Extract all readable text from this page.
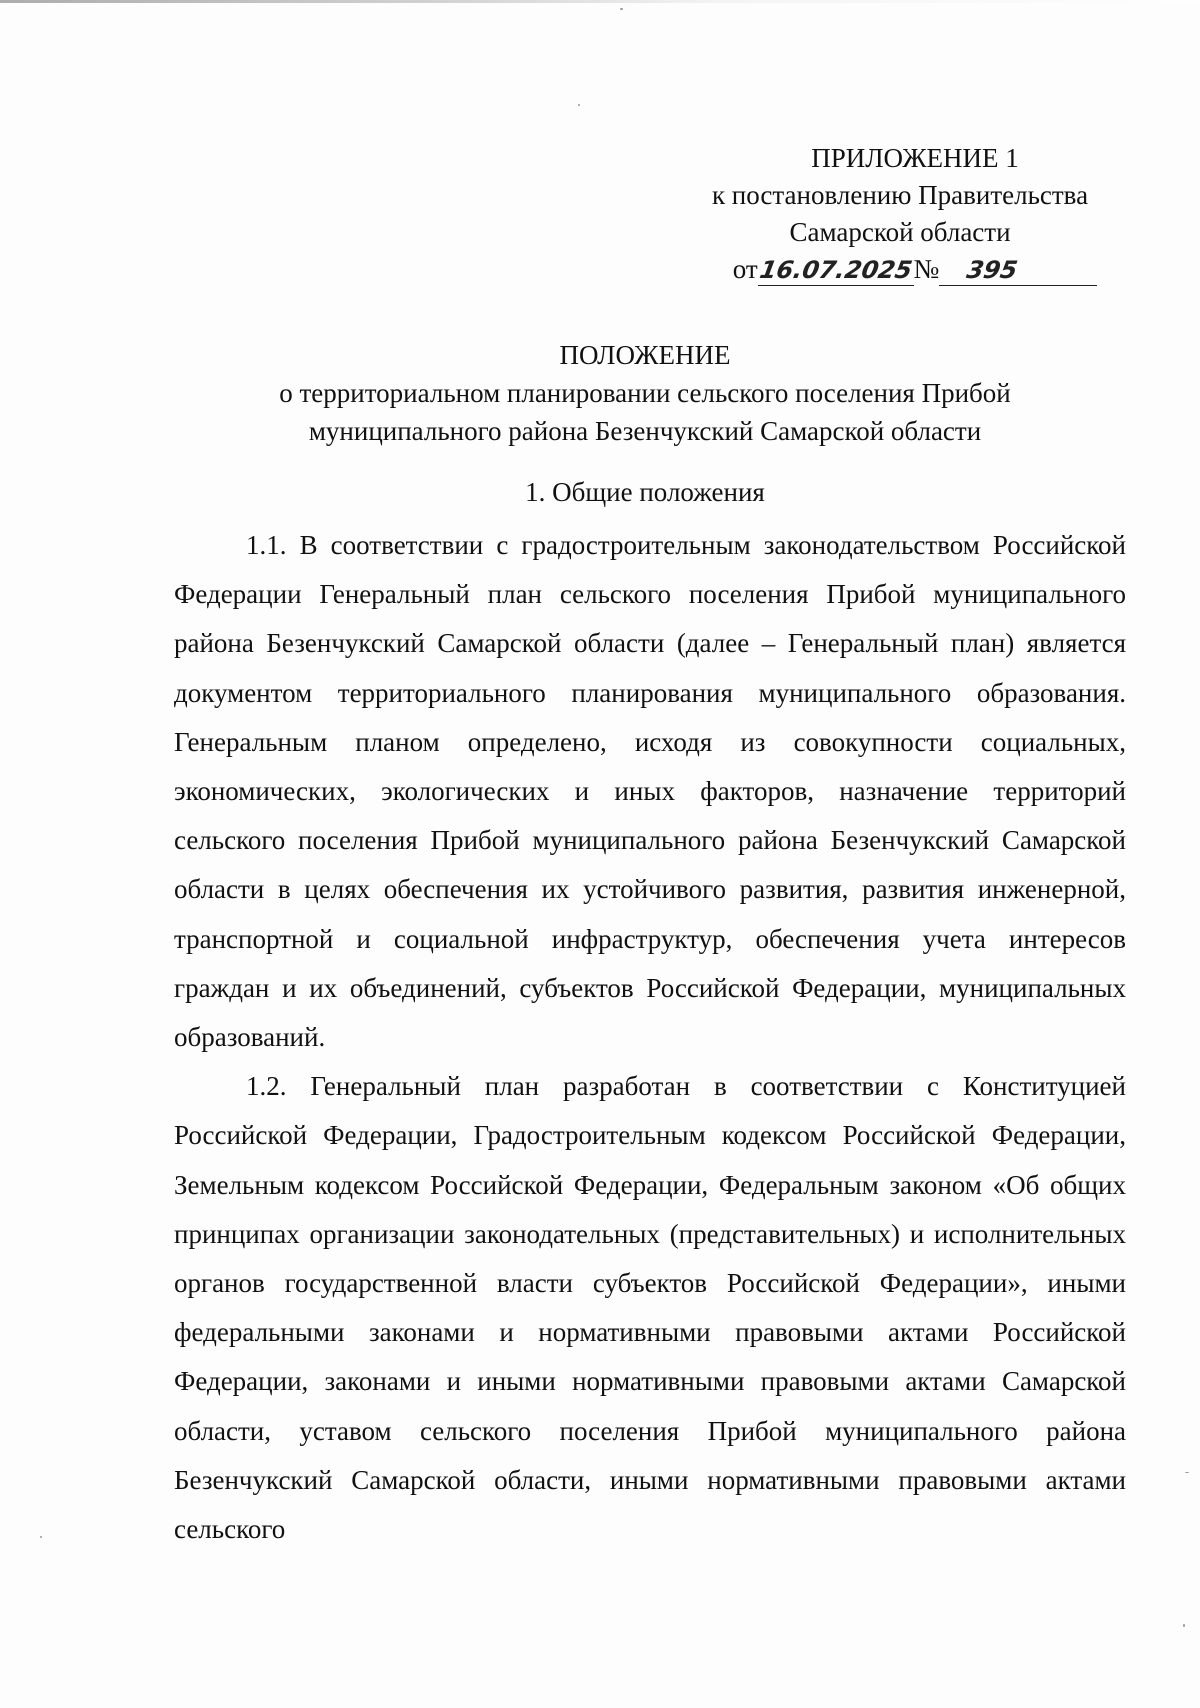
ПРИЛОЖЕНИЕ 1
к постановлению Правительства
Самарской области
от16.07.2025№ 395
ПОЛОЖЕНИЕ
о территориальном планировании сельского поселения Прибой
муниципального района Безенчукский Самарской области
1. Общие положения

1.1. В соответствии с градостроительным законодательством Российской Федерации Генеральный план сельского поселения Прибой муниципального района Безенчукский Самарской области (далее – Генеральный план) является документом территориального планирования муниципального образования. Генеральным планом определено, исходя из совокупности социальных, экономических, экологических и иных факторов, назначение территорий сельского поселения Прибой муниципального района Безенчукский Самарской области в целях обеспечения их устойчивого развития, развития инженерной, транспортной и социальной инфраструктур, обеспечения учета интересов граждан и их объединений, субъектов Российской Федерации, муниципальных образований.

1.2. Генеральный план разработан в соответствии с Конституцией Российской Федерации, Градостроительным кодексом Российской Федерации, Земельным кодексом Российской Федерации, Федеральным законом «Об общих принципах организации законодательных (представительных) и исполнительных органов государственной власти субъектов Российской Федерации», иными федеральными законами и нормативными правовыми актами Российской Федерации, законами и иными нормативными правовыми актами Самарской области, уставом сельского поселения Прибой муниципального района Безенчукский Самарской области, иными нормативными правовыми актами сельского
